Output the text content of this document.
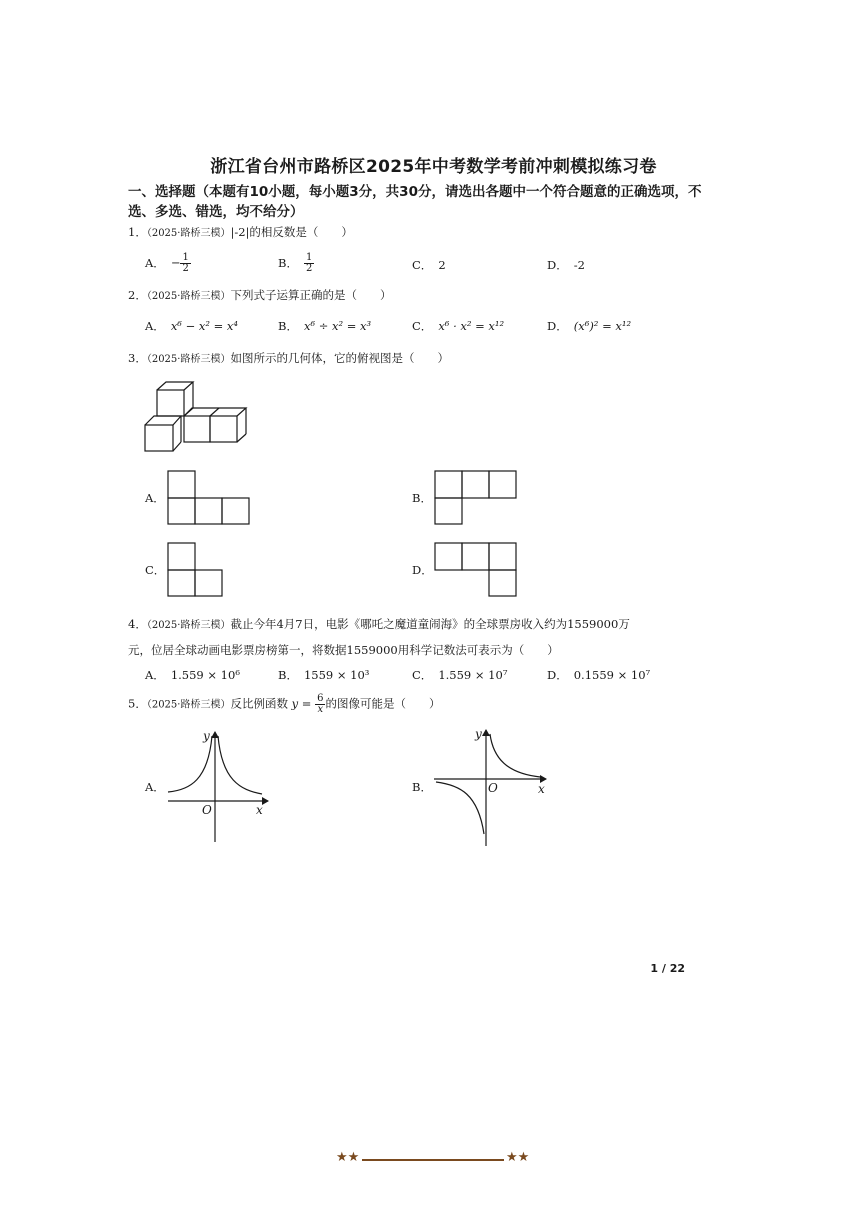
浙江省台州市路桥区2025年中考数学考前冲刺模拟练习卷
一、选择题（本题有10小题，每小题3分，共30分，请选出各题中一个符合题意的正确选项，不选、多选、错选，均不给分）
1．（2025·路桥三模）|-2|的相反数是（　　）
A． − $\frac{1}{2}$	B． $\frac{1}{2}$	C． 2	D． -2
2．（2025·路桥三模）下列式子运算正确的是（　　）
A． x⁶ − x² = x⁴	B． x⁶ ÷ x² = x³	C． x⁶ · x² = x¹²	D． (x⁶)² = x¹²
3．（2025·路桥三模）如图所示的几何体，它的俯视图是（　　）
A．	B．
C．	D．
4．（2025·路桥三模）截止今年4月7日，电影《哪吒之魔道童闹海》的全球票房收入约为1559000万
元，位居全球动画电影票房榜第一，将数据1559000用科学记数法可表示为（　　）
A． 1.559 × 10⁶	B． 1559 × 10³	C． 1.559 × 10⁷	D． 0.1559 × 10⁷
5．（2025·路桥三模）反比例函数 $y = \frac{6}{x}$ 的图像可能是（　　）
A．
y
x
O
B．
y
x
O
1 / 22
★★	★★
